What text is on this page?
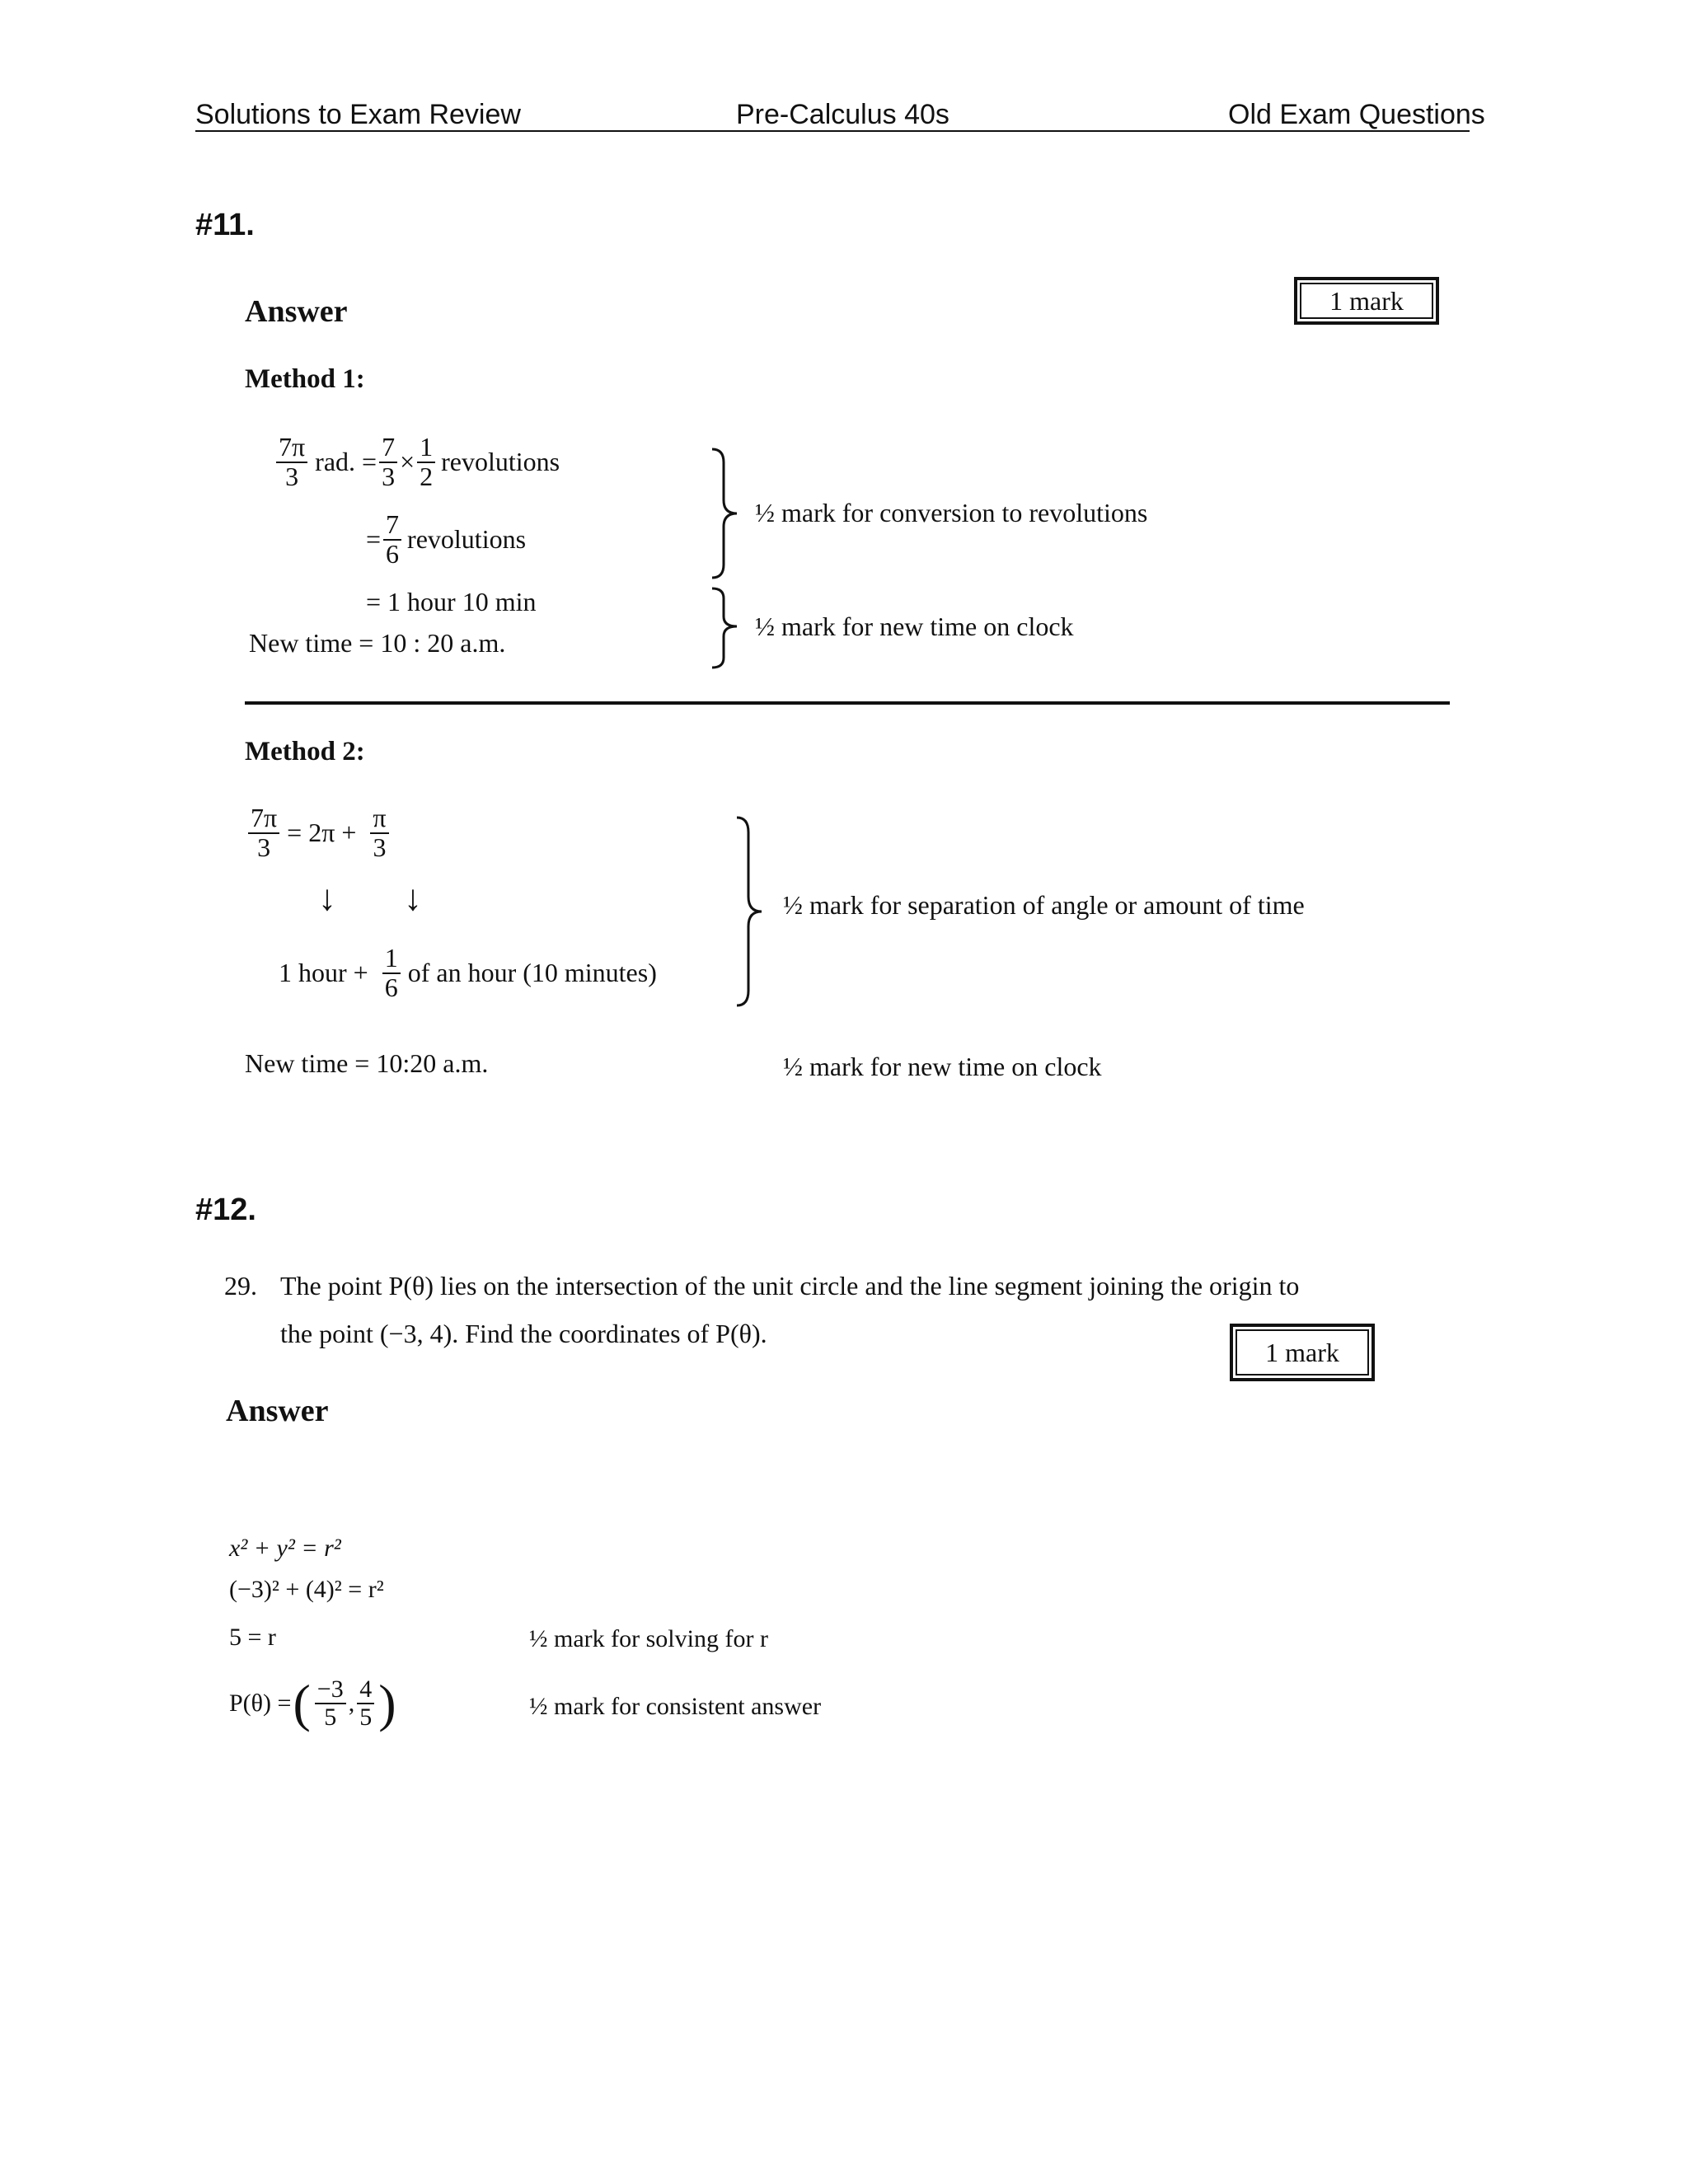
Solutions to Exam Review	Pre-Calculus 40s	Old Exam Questions
#11.
1 mark
Answer
Method 1:
$\frac{7\pi}{3}$ rad. = $\frac{7}{3} \times \frac{1}{2}$ revolutions
= $\frac{7}{6}$ revolutions
= 1 hour 10 min
New time = 10 : 20 a.m.
½ mark for conversion to revolutions
½ mark for new time on clock
Method 2:
$\frac{7\pi}{3} = 2\pi + \frac{\pi}{3}$
↓ ↓
1 hour + $\frac{1}{6}$ of an hour (10 minutes)
½ mark for separation of angle or amount of time
New time = 10:20 a.m.	½ mark for new time on clock
#12.
29. The point P(θ) lies on the intersection of the unit circle and the line segment joining the origin to
the point (−3, 4). Find the coordinates of P(θ).
1 mark
Answer
x² + y² = r²
(−3)² + (4)² = r²
5 = r
P(θ) = ( $\frac{-3}{5}$ , $\frac{4}{5}$ )
½ mark for solving for r
½ mark for consistent answer
